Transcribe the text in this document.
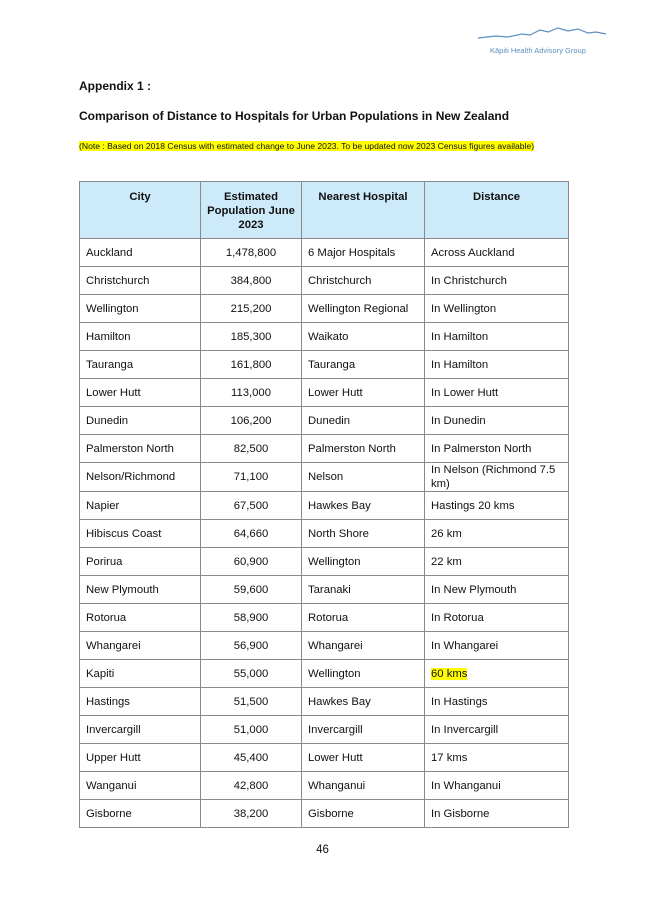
Kāpiti Health Advisory Group
Appendix 1 :
Comparison of Distance to Hospitals for Urban Populations in New Zealand
(Note : Based on 2018 Census with estimated change to June 2023. To be updated now 2023 Census figures available)
City	Estimated Population June 2023	Nearest Hospital	Distance
Auckland	1,478,800	6 Major Hospitals	Across Auckland
Christchurch	384,800	Christchurch	In Christchurch
Wellington	215,200	Wellington Regional	In Wellington
Hamilton	185,300	Waikato	In Hamilton
Tauranga	161,800	Tauranga	In Hamilton
Lower Hutt	113,000	Lower Hutt	In Lower Hutt
Dunedin	106,200	Dunedin	In Dunedin
Palmerston North	82,500	Palmerston North	In Palmerston North
Nelson/Richmond	71,100	Nelson	In Nelson (Richmond 7.5 km)
Napier	67,500	Hawkes Bay	Hastings 20 kms
Hibiscus Coast	64,660	North Shore	26 km
Porirua	60,900	Wellington	22 km
New Plymouth	59,600	Taranaki	In New Plymouth
Rotorua	58,900	Rotorua	In Rotorua
Whangarei	56,900	Whangarei	In Whangarei
Kapiti	55,000	Wellington	60 kms
Hastings	51,500	Hawkes Bay	In Hastings
Invercargill	51,000	Invercargill	In Invercargill
Upper Hutt	45,400	Lower Hutt	17 kms
Wanganui	42,800	Whanganui	In Whanganui
Gisborne	38,200	Gisborne	In Gisborne
46
